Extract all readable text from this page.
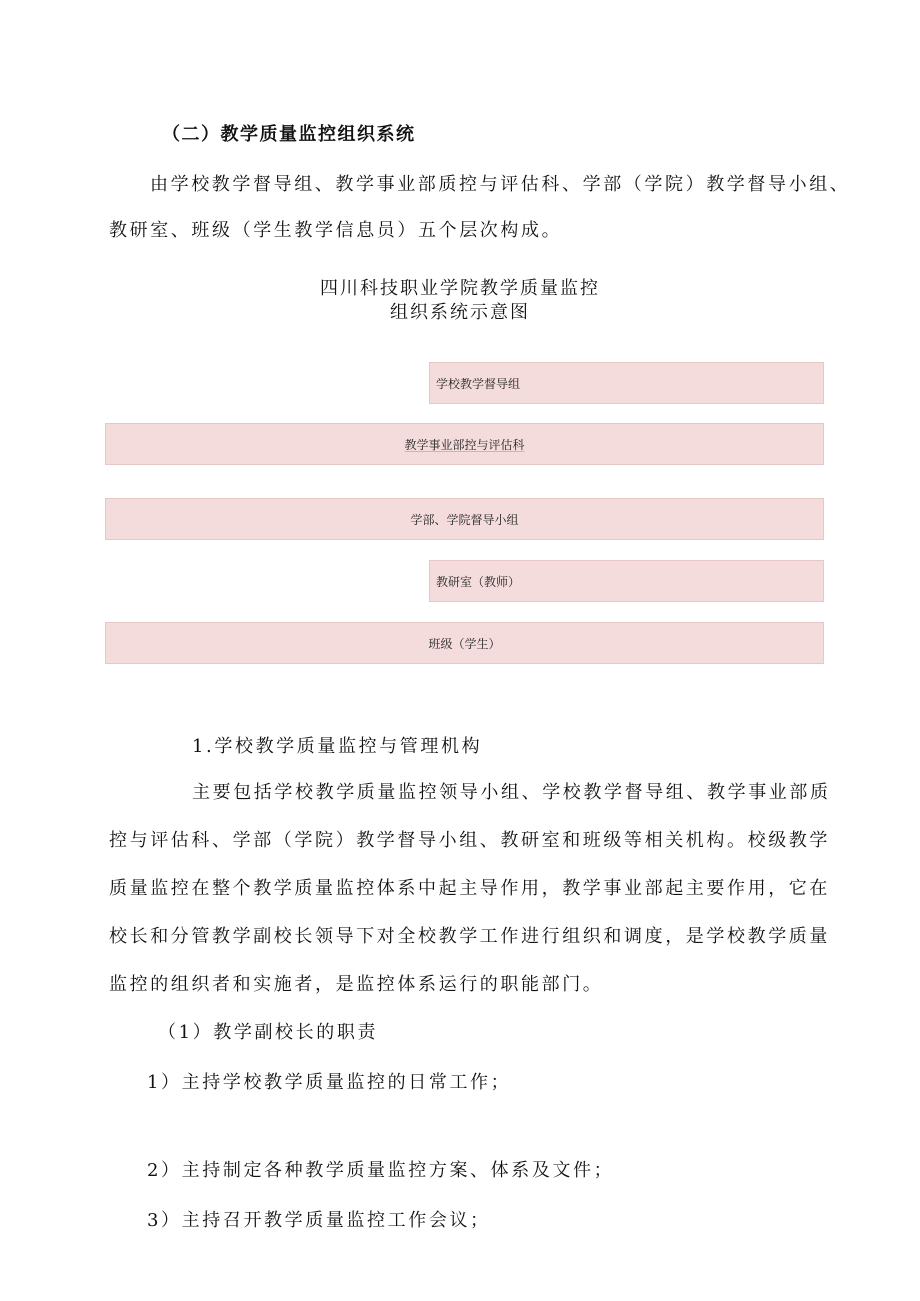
（二）教学质量监控组织系统
由学校教学督导组、教学事业部质控与评估科、学部（学院）教学督导小组、
教研室、班级（学生教学信息员）五个层次构成。
四川科技职业学院教学质量监控
组织系统示意图
学校教学督导组
教学事业部控与评估科
学部、学院督导小组
教研室（教师）
班级（学生）
1.学校教学质量监控与管理机构
主要包括学校教学质量监控领导小组、学校教学督导组、教学事业部质
控与评估科、学部（学院）教学督导小组、教研室和班级等相关机构。校级教学
质量监控在整个教学质量监控体系中起主导作用，教学事业部起主要作用，它在
校长和分管教学副校长领导下对全校教学工作进行组织和调度，是学校教学质量
监控的组织者和实施者，是监控体系运行的职能部门。
（1）教学副校长的职责
1）主持学校教学质量监控的日常工作；
2）主持制定各种教学质量监控方案、体系及文件；
3）主持召开教学质量监控工作会议；
